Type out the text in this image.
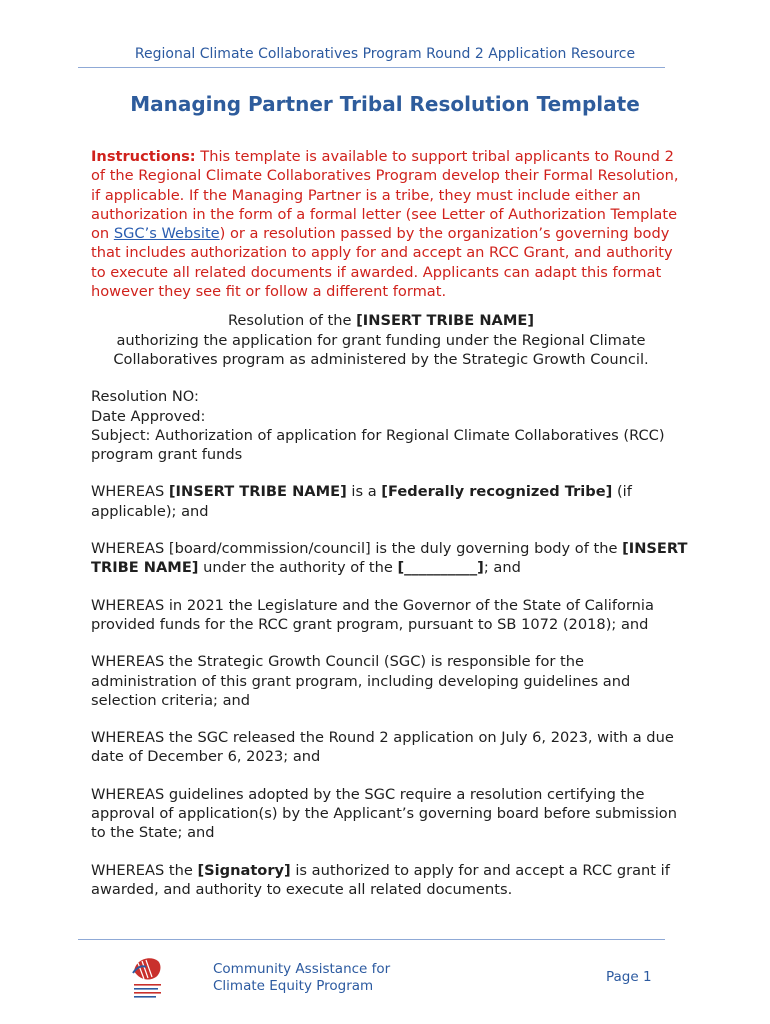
Regional Climate Collaboratives Program Round 2 Application Resource
Managing Partner Tribal Resolution Template

Instructions: This template is available to support tribal applicants to Round 2 of the Regional Climate Collaboratives Program develop their Formal Resolution, if applicable. If the Managing Partner is a tribe, they must include either an authorization in the form of a formal letter (see Letter of Authorization Template on SGC’s Website) or a resolution passed by the organization’s governing body that includes authorization to apply for and accept an RCC Grant, and authority to execute all related documents if awarded. Applicants can adapt this format however they see fit or follow a different format.

Resolution of the [INSERT TRIBE NAME]

authorizing the application for grant funding under the Regional Climate

Collaboratives program as administered by the Strategic Growth Council.

Resolution NO:

Date Approved:

Subject: Authorization of application for Regional Climate Collaboratives (RCC) program grant funds

WHEREAS [INSERT TRIBE NAME] is a [Federally recognized Tribe] (if applicable); and

WHEREAS [board/commission/council] is the duly governing body of the [INSERT TRIBE NAME] under the authority of the [__________]; and

WHEREAS in 2021 the Legislature and the Governor of the State of California provided funds for the RCC grant program, pursuant to SB 1072 (2018); and

WHEREAS the Strategic Growth Council (SGC) is responsible for the administration of this grant program, including developing guidelines and selection criteria; and

WHEREAS the SGC released the Round 2 application on July 6, 2023, with a due date of December 6, 2023; and

WHEREAS guidelines adopted by the SGC require a resolution certifying the approval of application(s) by the Applicant’s governing board before submission to the State; and

WHEREAS the [Signatory] is authorized to apply for and accept a RCC grant if awarded, and authority to execute all related documents.

Community Assistance for
Climate Equity Program
Page 1
